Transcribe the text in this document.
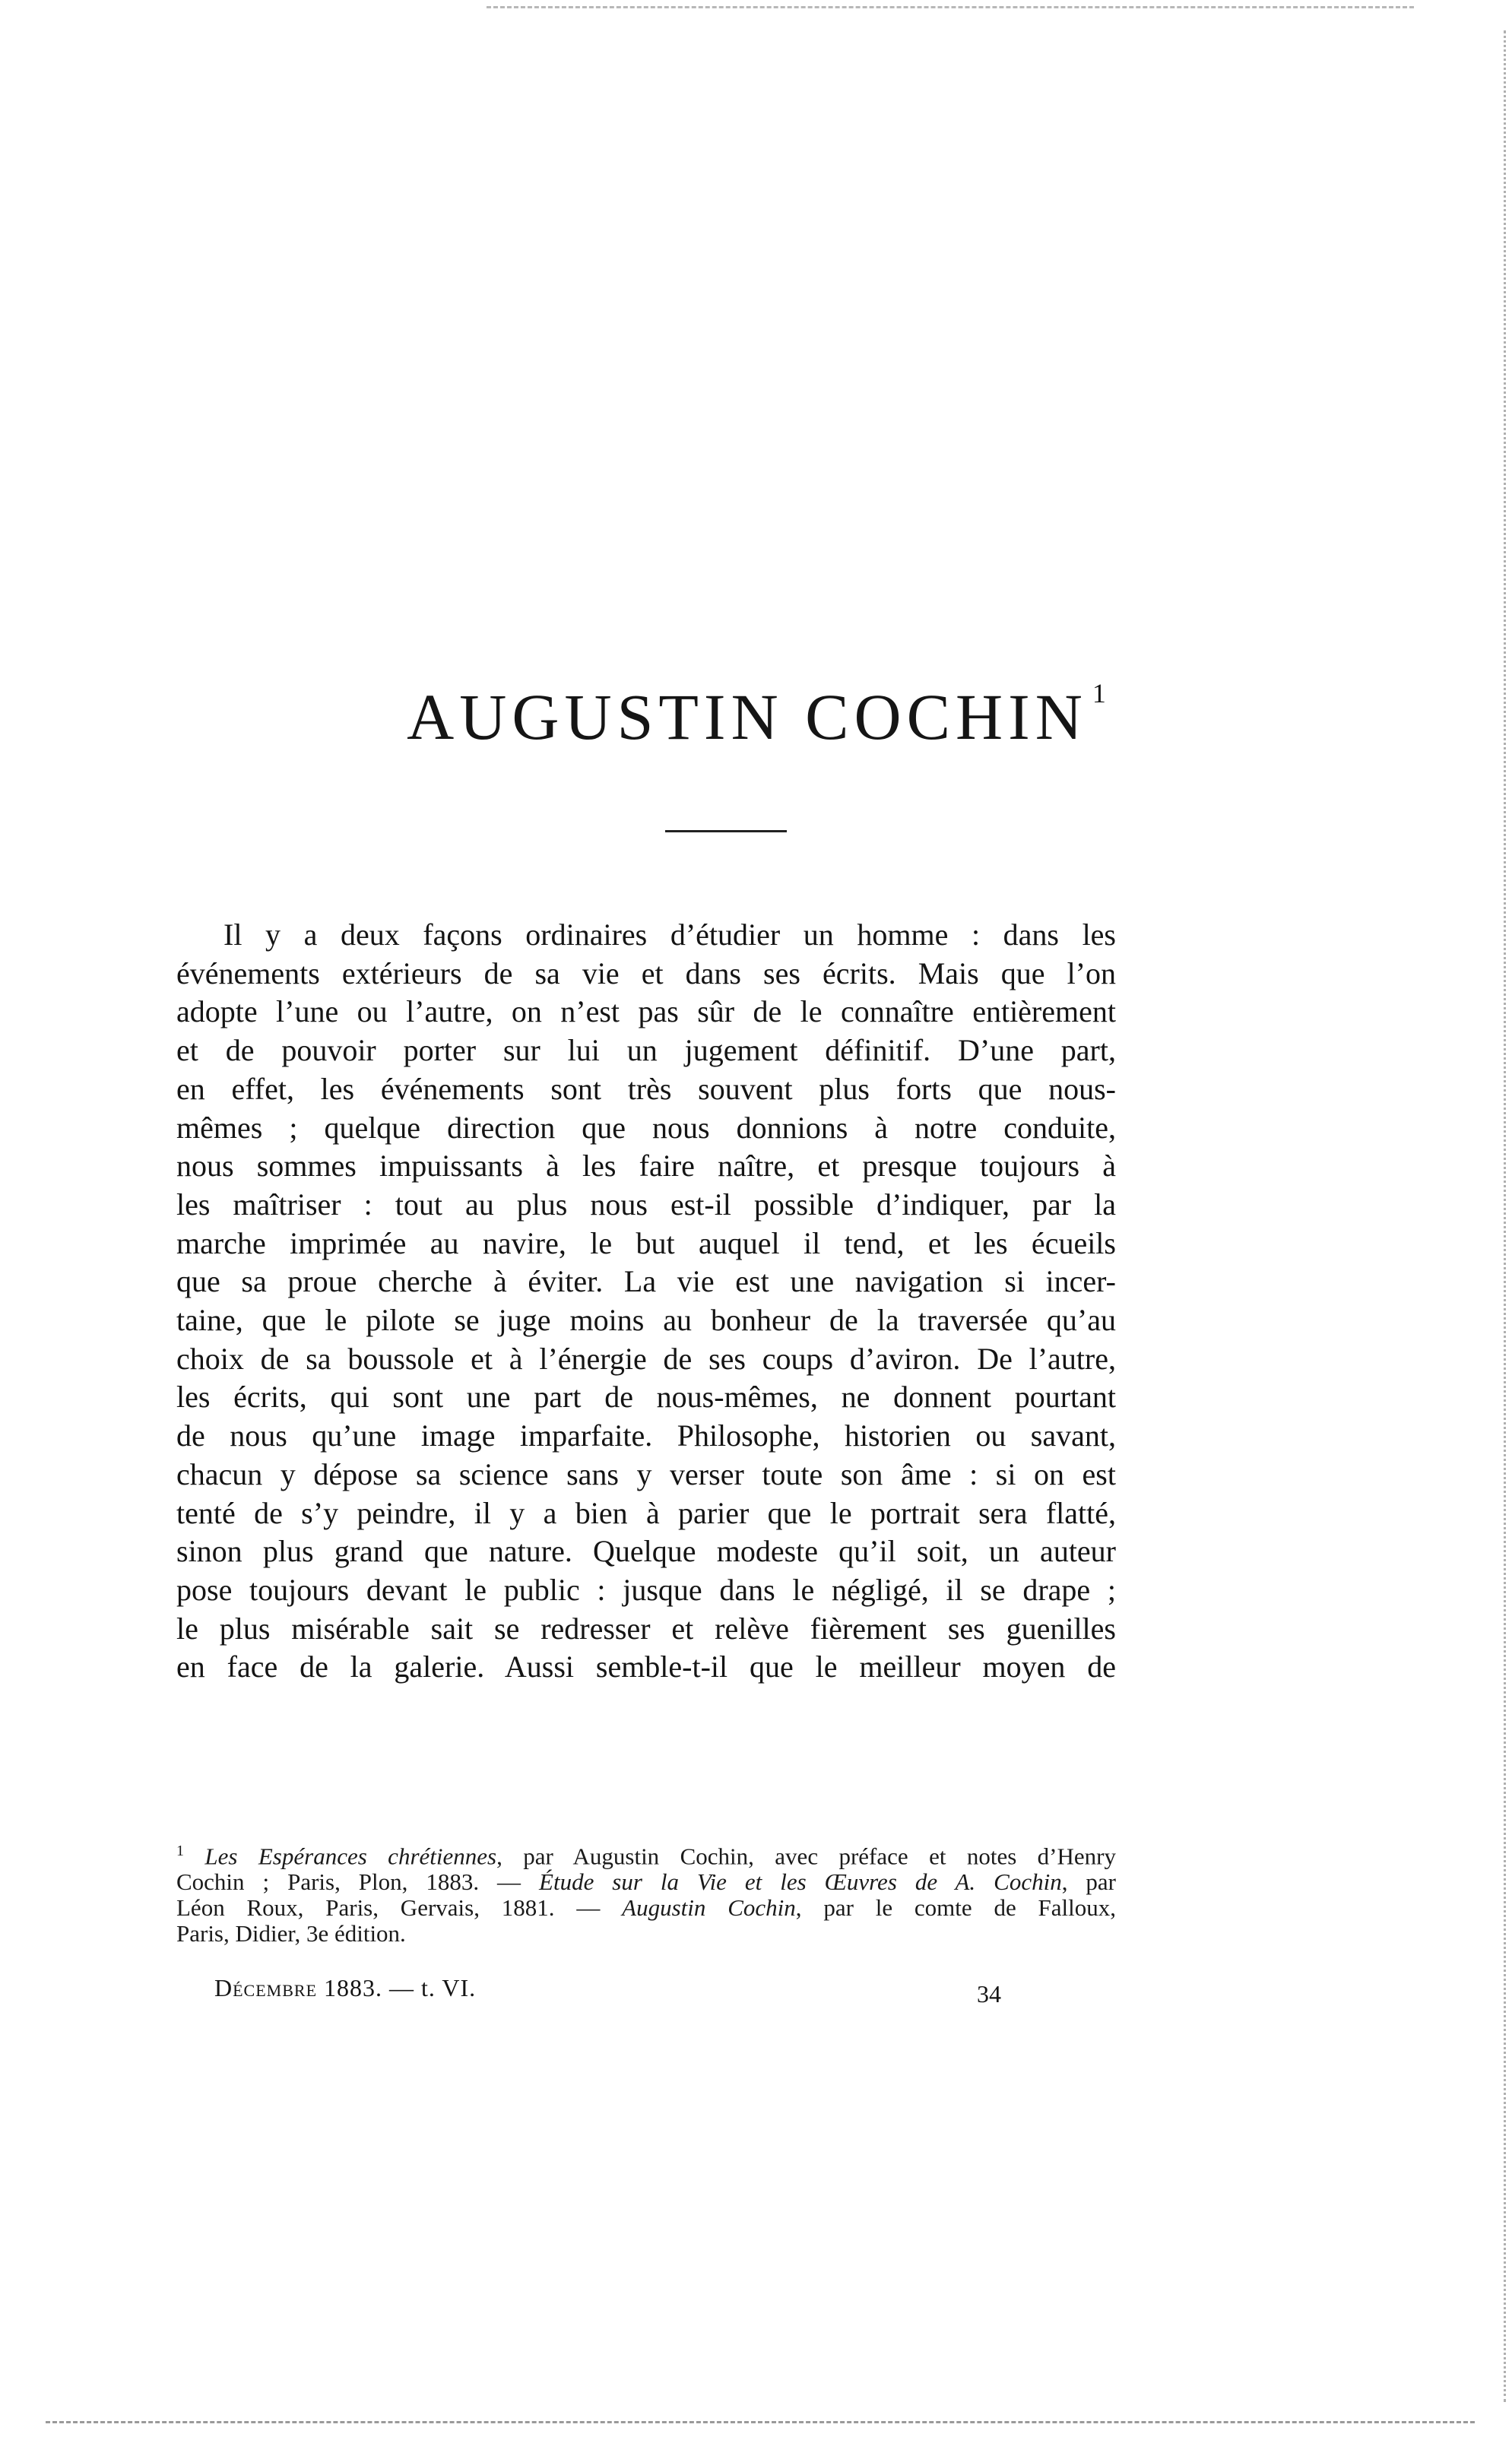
AUGUSTIN COCHIN $^1$
Il y a deux façons ordinaires d’étudier un homme : dans les
événements extérieurs de sa vie et dans ses écrits. Mais que l’on
adopte l’une ou l’autre, on n’est pas sûr de le connaître entièrement
et de pouvoir porter sur lui un jugement définitif. D’une part,
en effet, les événements sont très souvent plus forts que nous-
mêmes ; quelque direction que nous donnions à notre conduite,
nous sommes impuissants à les faire naître, et presque toujours à
les maîtriser : tout au plus nous est-il possible d’indiquer, par la
marche imprimée au navire, le but auquel il tend, et les écueils
que sa proue cherche à éviter. La vie est une navigation si incer-
taine, que le pilote se juge moins au bonheur de la traversée qu’au
choix de sa boussole et à l’énergie de ses coups d’aviron. De l’autre,
les écrits, qui sont une part de nous-mêmes, ne donnent pourtant
de nous qu’une image imparfaite. Philosophe, historien ou savant,
chacun y dépose sa science sans y verser toute son âme : si on est
tenté de s’y peindre, il y a bien à parier que le portrait sera flatté,
sinon plus grand que nature. Quelque modeste qu’il soit, un auteur
pose toujours devant le public : jusque dans le négligé, il se drape ;
le plus misérable sait se redresser et relève fièrement ses guenilles
en face de la galerie. Aussi semble-t-il que le meilleur moyen de
$^1$ Les Espérances chrétiennes, par Augustin Cochin, avec préface et notes d’Henry
Cochin ; Paris, Plon, 1883. — Étude sur la Vie et les Œuvres de A. Cochin, par
Léon Roux, Paris, Gervais, 1881. — Augustin Cochin, par le comte de Falloux,
Paris, Didier, 3e édition.

Décembre 1883. — t. VI.	34
